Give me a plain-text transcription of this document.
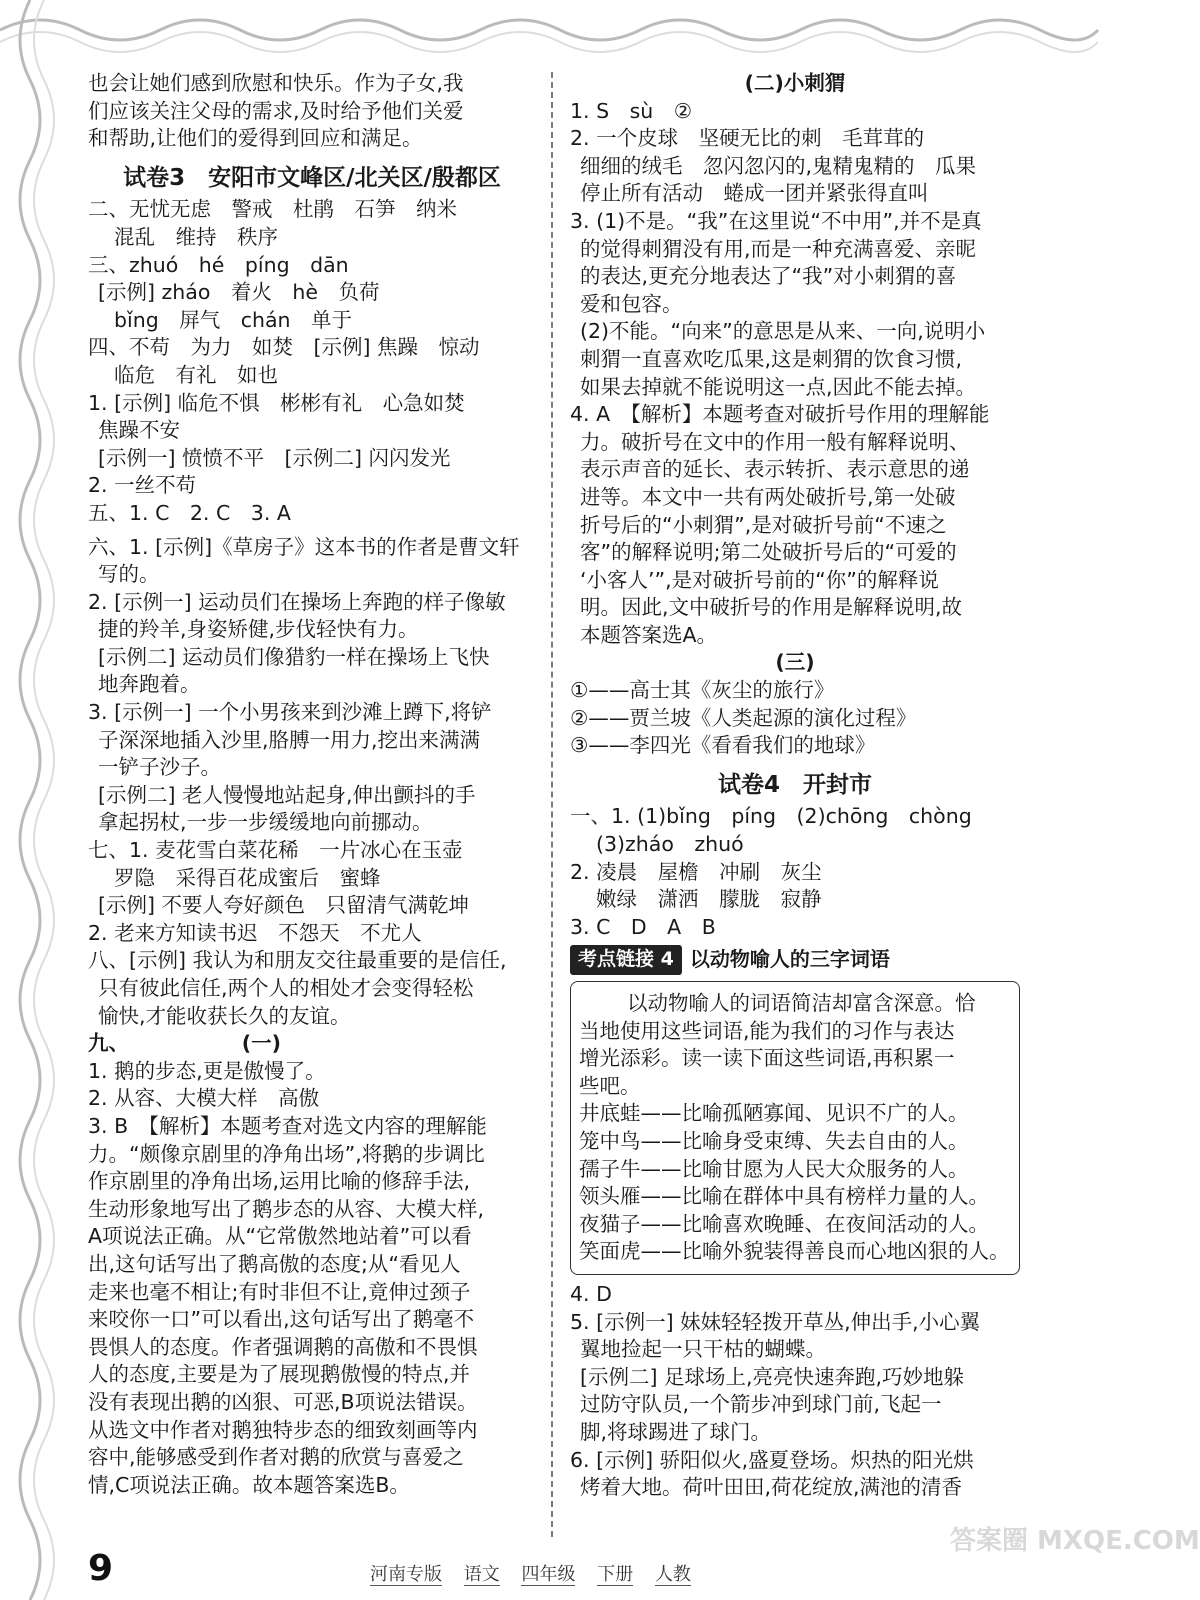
也会让她们感到欣慰和快乐。作为子女,我

们应该关注父母的需求,及时给予他们关爱

和帮助,让他们的爱得到回应和满足。

试卷3　安阳市文峰区/北关区/殷都区

二、无忧无虑　警戒　杜鹃　石笋　纳米

混乱　维持　秩序

三、zhuó　hé　píng　dān

[示例] zháo　着火　hè　负荷

bǐng　屏气　chán　单于

四、不苟　为力　如焚　[示例] 焦躁　惊动

临危　有礼　如也

1. [示例] 临危不惧　彬彬有礼　心急如焚

焦躁不安

[示例一] 愤愤不平　[示例二] 闪闪发光

2. 一丝不苟

五、1. C　2. C　3. A

六、1. [示例]《草房子》这本书的作者是曹文轩

写的。

2. [示例一] 运动员们在操场上奔跑的样子像敏

捷的羚羊,身姿矫健,步伐轻快有力。

[示例二] 运动员们像猎豹一样在操场上飞快

地奔跑着。

3. [示例一] 一个小男孩来到沙滩上蹲下,将铲

子深深地插入沙里,胳膊一用力,挖出来满满

一铲子沙子。

[示例二] 老人慢慢地站起身,伸出颤抖的手

拿起拐杖,一步一步缓缓地向前挪动。

七、1. 麦花雪白菜花稀　一片冰心在玉壶

罗隐　采得百花成蜜后　蜜蜂

[示例] 不要人夸好颜色　只留清气满乾坤

2. 老来方知读书迟　不怨天　不尤人

八、[示例] 我认为和朋友交往最重要的是信任,

只有彼此信任,两个人的相处才会变得轻松

愉快,才能收获长久的友谊。

九、　　　　　　(一)

1. 鹅的步态,更是傲慢了。

2. 从容、大模大样　高傲

3. B　【解析】本题考查对选文内容的理解能

力。“颇像京剧里的净角出场”,将鹅的步调比

作京剧里的净角出场,运用比喻的修辞手法,

生动形象地写出了鹅步态的从容、大模大样,

A项说法正确。从“它常傲然地站着”可以看

出,这句话写出了鹅高傲的态度;从“看见人

走来也毫不相让;有时非但不让,竟伸过颈子

来咬你一口”可以看出,这句话写出了鹅毫不

畏惧人的态度。作者强调鹅的高傲和不畏惧

人的态度,主要是为了展现鹅傲慢的特点,并

没有表现出鹅的凶狠、可恶,B项说法错误。

从选文中作者对鹅独特步态的细致刻画等内

容中,能够感受到作者对鹅的欣赏与喜爱之

情,C项说法正确。故本题答案选B。

(二)小刺猬

1. S　sù　②

2. 一个皮球　坚硬无比的刺　毛茸茸的

细细的绒毛　忽闪忽闪的,鬼精鬼精的　瓜果

停止所有活动　蜷成一团并紧张得直叫

3. (1)不是。“我”在这里说“不中用”,并不是真

的觉得刺猬没有用,而是一种充满喜爱、亲昵

的表达,更充分地表达了“我”对小刺猬的喜

爱和包容。

(2)不能。“向来”的意思是从来、一向,说明小

刺猬一直喜欢吃瓜果,这是刺猬的饮食习惯,

如果去掉就不能说明这一点,因此不能去掉。

4. A　【解析】本题考查对破折号作用的理解能

力。破折号在文中的作用一般有解释说明、

表示声音的延长、表示转折、表示意思的递

进等。本文中一共有两处破折号,第一处破

折号后的“小刺猬”,是对破折号前“不速之

客”的解释说明;第二处破折号后的“可爱的

‘小客人’”,是对破折号前的“你”的解释说

明。因此,文中破折号的作用是解释说明,故

本题答案选A。

(三)

①——高士其《灰尘的旅行》

②——贾兰坡《人类起源的演化过程》

③——李四光《看看我们的地球》

试卷4　开封市

一、1. (1)bǐng　píng　(2)chōng　chòng

(3)zháo　zhuó

2. 凌晨　屋檐　冲刷　灰尘

嫩绿　潇洒　朦胧　寂静

3. C　D　A　B

考点链接 4 以动物喻人的三字词语

以动物喻人的词语简洁却富含深意。恰

当地使用这些词语,能为我们的习作与表达

增光添彩。读一读下面这些词语,再积累一

些吧。

井底蛙——比喻孤陋寡闻、见识不广的人。

笼中鸟——比喻身受束缚、失去自由的人。

孺子牛——比喻甘愿为人民大众服务的人。

领头雁——比喻在群体中具有榜样力量的人。

夜猫子——比喻喜欢晚睡、在夜间活动的人。

笑面虎——比喻外貌装得善良而心地凶狠的人。

4. D

5. [示例一] 妹妹轻轻拨开草丛,伸出手,小心翼

翼地捡起一只干枯的蝴蝶。

[示例二] 足球场上,亮亮快速奔跑,巧妙地躲

过防守队员,一个箭步冲到球门前,飞起一

脚,将球踢进了球门。

6. [示例] 骄阳似火,盛夏登场。炽热的阳光烘

烤着大地。荷叶田田,荷花绽放,满池的清香

9	河南专版 语文 四年级 下册 人教
答案圈 MXQE.COM
